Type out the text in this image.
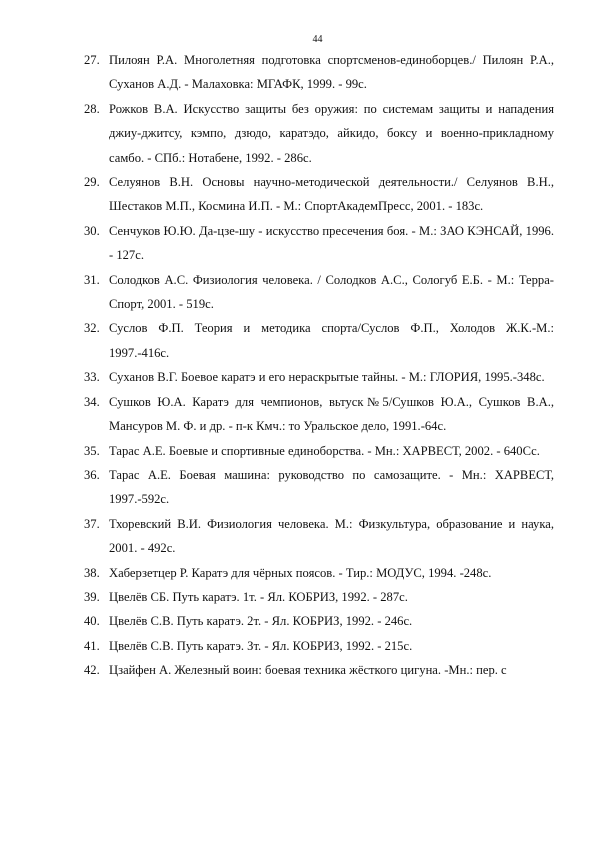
44
27. Пилоян Р.А. Многолетняя подготовка спортсменов-единоборцев./ Пилоян Р.А., Суханов А.Д. - Малаховка: МГАФК, 1999. - 99с.
28. Рожков В.А. Искусство защиты без оружия: по системам защиты и нападения джиу-джитсу, кэмпо, дзюдо, каратэдо, айкидо, боксу и военно-прикладному самбо. - СПб.: Нотабене, 1992. - 286с.
29. Селуянов В.Н. Основы научно-методической деятельности./ Селуянов В.Н., Шестаков М.П., Космина И.П. - М.: СпортАкадемПресс, 2001. - 183с.
30. Сенчуков Ю.Ю. Да-цзе-шу - искусство пресечения боя. - М.: ЗАО КЭНСАЙ, 1996. - 127с.
31. Солодков А.С. Физиология человека. / Солодков А.С., Сологуб Е.Б. - М.: Терра-Спорт, 2001. - 519с.
32. Суслов Ф.П. Теория и методика спорта/Суслов Ф.П., Холодов Ж.К.-М.: 1997.-416с.
33. Суханов В.Г. Боевое каратэ и его нераскрытые тайны. - М.: ГЛОРИЯ, 1995.-348с.
34. Сушков Ю.А. Каратэ для чемпионов, вьтуск№5/Сушков Ю.А., Сушков В.А., Мансуров М. Ф. и др. - п-к Кмч.: то Уральское дело, 1991.-64с.
35. Тарас А.Е. Боевые и спортивные единоборства. - Мн.: ХАРВЕСТ, 2002. - 640Сс.
36. Тарас А.Е. Боевая машина: руководство по самозащите. - Мн.: ХАРВЕСТ, 1997.-592с.
37. Тхоревский В.И. Физиология человека. М.: Физкультура, образование и наука, 2001. - 492с.
38. Хаберзетцер Р. Каратэ для чёрных поясов. - Тир.: МОДУС, 1994. -248с.
39. Цвелёв СБ. Путь каратэ. 1т. - Ял. КОБРИЗ, 1992. - 287с.
40. Цвелёв С.В. Путь каратэ. 2т. - Ял. КОБРИЗ, 1992. - 246с.
41. Цвелёв С.В. Путь каратэ. Зт. - Ял. КОБРИЗ, 1992. - 215с.
42. Цзайфен А. Железный воин: боевая техника жёсткого цигуна. -Мн.: пер. с
